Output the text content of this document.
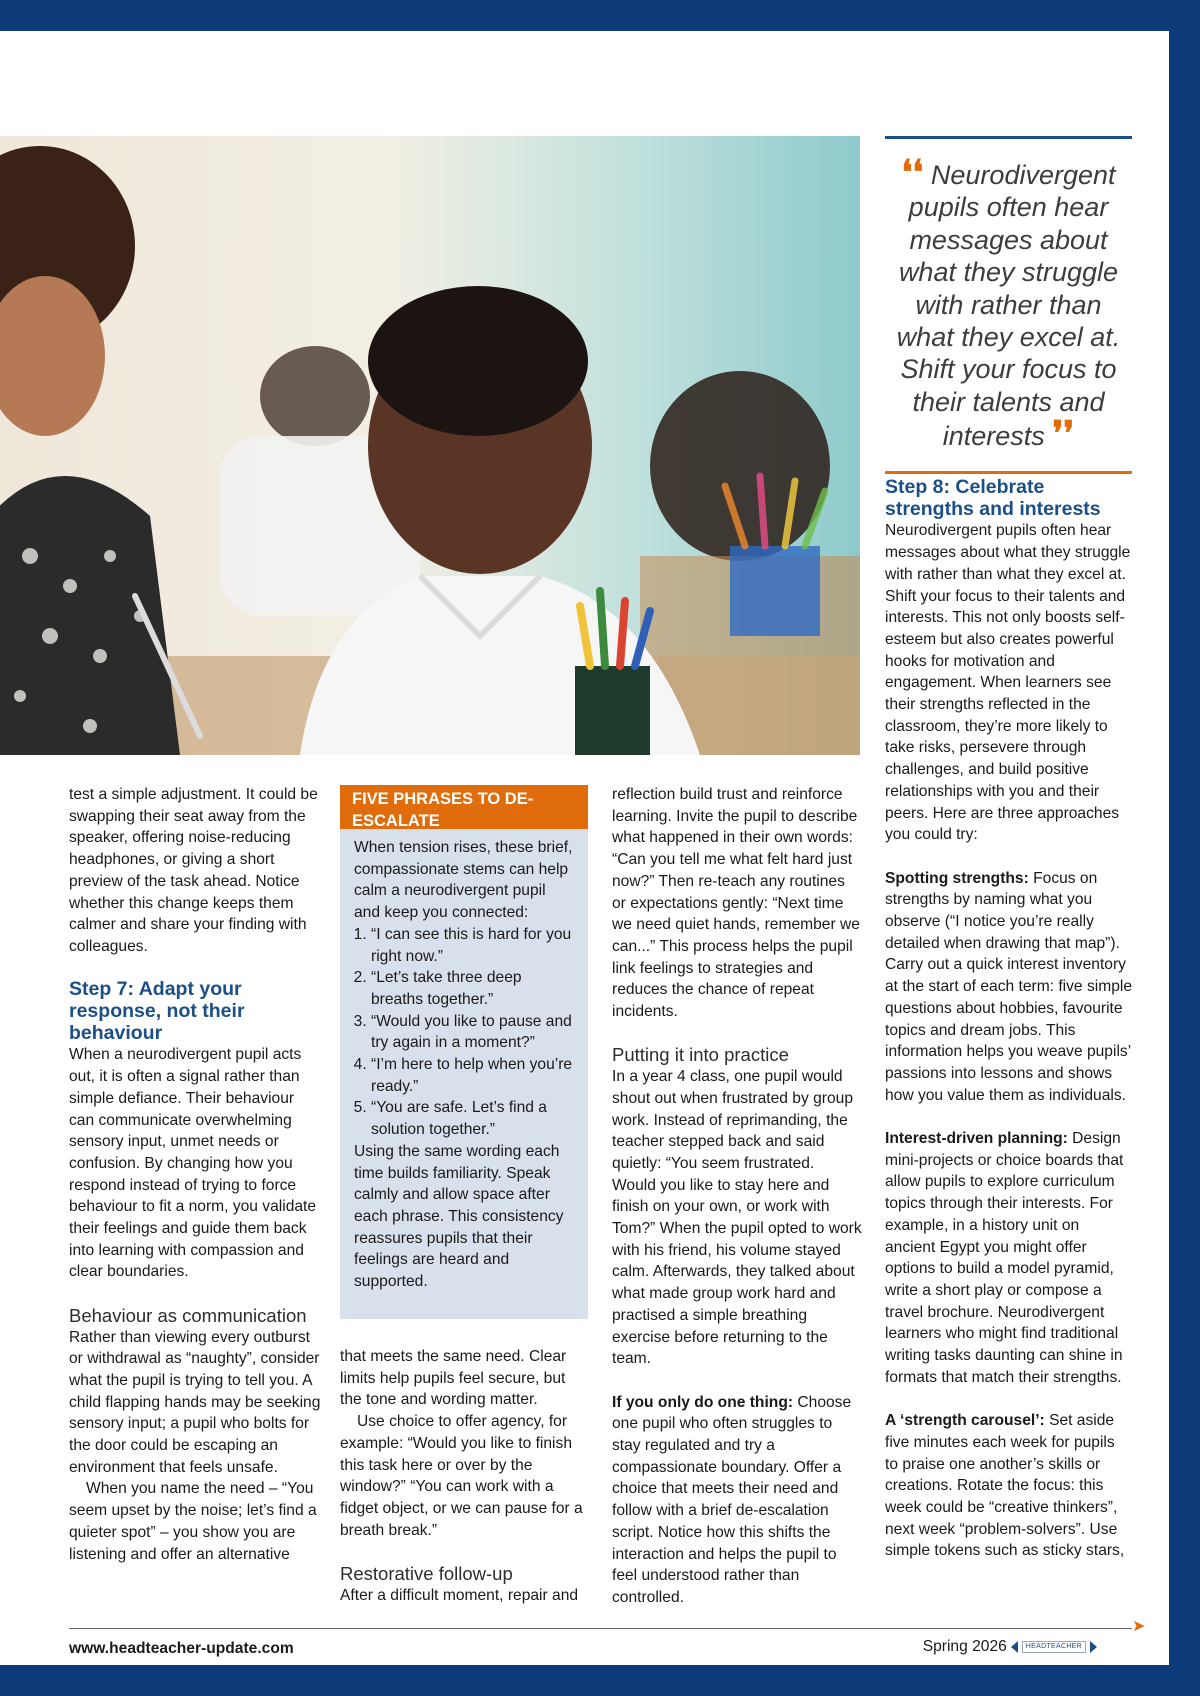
❛❛ Neurodivergent pupils often hear messages about what they struggle with rather than what they excel at. Shift your focus to their talents and interests ❜❜
Step 8: Celebrate strengths and interests

Neurodivergent pupils often hear messages about what they struggle with rather than what they excel at. Shift your focus to their talents and interests. This not only boosts self-esteem but also creates powerful hooks for motivation and engagement. When learners see their strengths reflected in the classroom, they’re more likely to take risks, persevere through challenges, and build positive relationships with you and their peers. Here are three approaches you could try:

Spotting strengths: Focus on strengths by naming what you observe (“I notice you’re really detailed when drawing that map”). Carry out a quick interest inventory at the start of each term: five simple questions about hobbies, favourite topics and dream jobs. This information helps you weave pupils’ passions into lessons and shows how you value them as individuals.

Interest-driven planning: Design mini-projects or choice boards that allow pupils to explore curriculum topics through their interests. For example, in a history unit on ancient Egypt you might offer options to build a model pyramid, write a short play or compose a travel brochure. Neurodivergent learners who might find traditional writing tasks daunting can shine in formats that match their strengths.

A ‘strength carousel’: Set aside five minutes each week for pupils to praise one another’s skills or creations. Rotate the focus: this week could be “creative thinkers”, next week “problem-solvers”. Use simple tokens such as sticky stars,

test a simple adjustment. It could be swapping their seat away from the speaker, offering noise-reducing headphones, or giving a short preview of the task ahead. Notice whether this change keeps them calmer and share your finding with colleagues.

Step 7: Adapt your response, not their behaviour

When a neurodivergent pupil acts out, it is often a signal rather than simple defiance. Their behaviour can communicate overwhelming sensory input, unmet needs or confusion. By changing how you respond instead of trying to force behaviour to fit a norm, you validate their feelings and guide them back into learning with compassion and clear boundaries.

Behaviour as communication

Rather than viewing every outburst or withdrawal as “naughty”, consider what the pupil is trying to tell you. A child flapping hands may be seeking sensory input; a pupil who bolts for the door could be escaping an environment that feels unsafe.

When you name the need – “You seem upset by the noise; let’s find a quieter spot” – you show you are listening and offer an alternative

FIVE PHRASES TO DE-ESCALATE

When tension rises, these brief, compassionate stems can help calm a neurodivergent pupil and keep you connected:

1. “I can see this is hard for you right now.”
2. “Let’s take three deep breaths together.”
3. “Would you like to pause and try again in a moment?”
4. “I’m here to help when you’re ready.”
5. “You are safe. Let’s find a solution together.”

Using the same wording each time builds familiarity. Speak calmly and allow space after each phrase. This consistency reassures pupils that their feelings are heard and supported.

that meets the same need. Clear limits help pupils feel secure, but the tone and wording matter.

Use choice to offer agency, for example: “Would you like to finish this task here or over by the window?” “You can work with a fidget object, or we can pause for a breath break.”

Restorative follow-up

After a difficult moment, repair and

reflection build trust and reinforce learning. Invite the pupil to describe what happened in their own words: “Can you tell me what felt hard just now?” Then re-teach any routines or expectations gently: “Next time we need quiet hands, remember we can...” This process helps the pupil link feelings to strategies and reduces the chance of repeat incidents.

Putting it into practice

In a year 4 class, one pupil would shout out when frustrated by group work. Instead of reprimanding, the teacher stepped back and said quietly: “You seem frustrated. Would you like to stay here and finish on your own, or work with Tom?” When the pupil opted to work with his friend, his volume stayed calm. Afterwards, they talked about what made group work hard and practised a simple breathing exercise before returning to the team.

If you only do one thing: Choose one pupil who often struggles to stay regulated and try a compassionate boundary. Offer a choice that meets their need and follow with a brief de-escalation script. Notice how this shifts the interaction and helps the pupil to feel understood rather than controlled.

➤
www.headteacher-update.com	Spring 2026	HEADTEACHER
